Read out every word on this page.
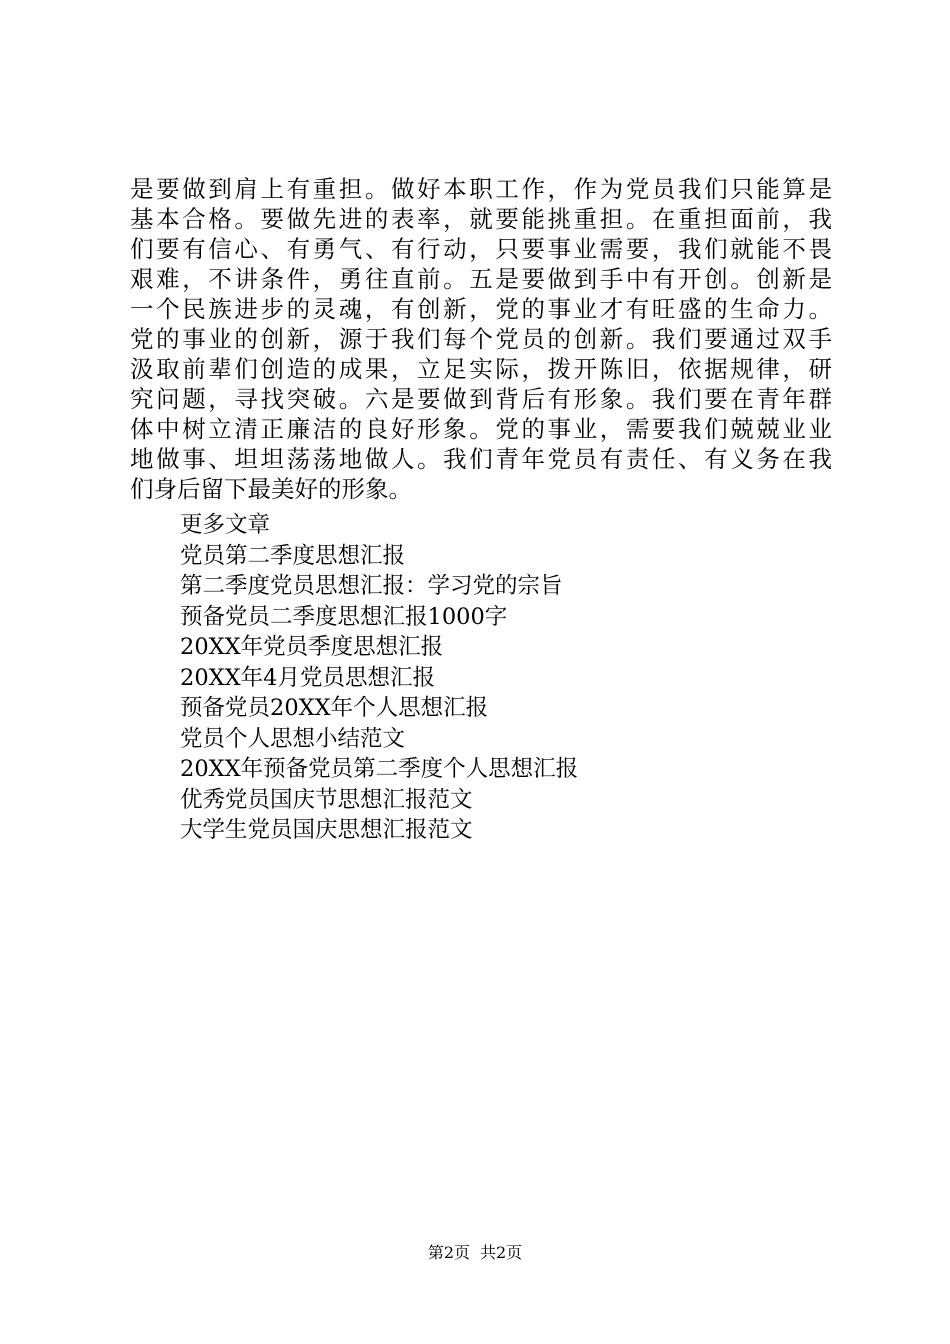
是要做到肩上有重担。做好本职工作，作为党员我们只能算是
基本合格。要做先进的表率，就要能挑重担。在重担面前，我
们要有信心、有勇气、有行动，只要事业需要，我们就能不畏
艰难，不讲条件，勇往直前。五是要做到手中有开创。创新是
一个民族进步的灵魂，有创新，党的事业才有旺盛的生命力。
党的事业的创新，源于我们每个党员的创新。我们要通过双手
汲取前辈们创造的成果，立足实际，拨开陈旧，依据规律，研
究问题，寻找突破。六是要做到背后有形象。我们要在青年群
体中树立清正廉洁的良好形象。党的事业，需要我们兢兢业业
地做事、坦坦荡荡地做人。我们青年党员有责任、有义务在我
们身后留下最美好的形象。
更多文章
党员第二季度思想汇报
第二季度党员思想汇报：学习党的宗旨
预备党员二季度思想汇报1000字
20XX年党员季度思想汇报
20XX年4月党员思想汇报
预备党员20XX年个人思想汇报
党员个人思想小结范文
20XX年预备党员第二季度个人思想汇报
优秀党员国庆节思想汇报范文
大学生党员国庆思想汇报范文
第2页 共2页
